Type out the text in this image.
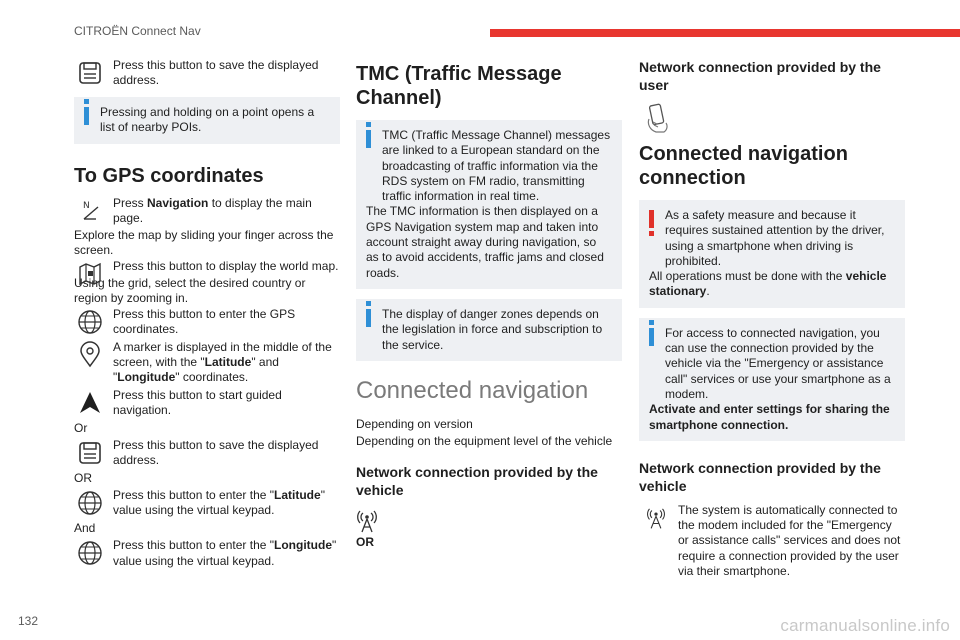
CITROËN Connect Nav
132	carmanualsonline.info
Press this button to save the displayed address.

Pressing and holding on a point opens a list of nearby POIs.

To GPS coordinates
N Press Navigation to display the main page.
Explore the map by sliding your finger across the screen.
Press this button to display the world map.
Using the grid, select the desired country or region by zooming in.
Press this button to enter the GPS coordinates.
A marker is displayed in the middle of the screen, with the "Latitude" and "Longitude" coordinates.
Press this button to start guided navigation.
Or
Press this button to save the displayed address.
OR
Press this button to enter the "Latitude" value using the virtual keypad.
And
Press this button to enter the "Longitude" value using the virtual keypad.
TMC (Traffic Message Channel)

TMC (Traffic Message Channel) messages are linked to a European standard on the broadcasting of traffic information via the RDS system on FM radio, transmitting traffic information in real time.

The TMC information is then displayed on a GPS Navigation system map and taken into account straight away during navigation, so as to avoid accidents, traffic jams and closed roads.

The display of danger zones depends on the legislation in force and subscription to the service.

Connected navigation
Depending on version
Depending on the equipment level of the vehicle
Network connection provided by the vehicle
OR
Network connection provided by the user
Connected navigation connection

As a safety measure and because it requires sustained attention by the driver, using a smartphone when driving is prohibited.

All operations must be done with the vehicle stationary.

For access to connected navigation, you can use the connection provided by the vehicle via the "Emergency or assistance call" services or use your smartphone as a modem.

Activate and enter settings for sharing the smartphone connection.

Network connection provided by the vehicle
The system is automatically connected to the modem included for the "Emergency or assistance calls" services and does not require a connection provided by the user via their smartphone.
